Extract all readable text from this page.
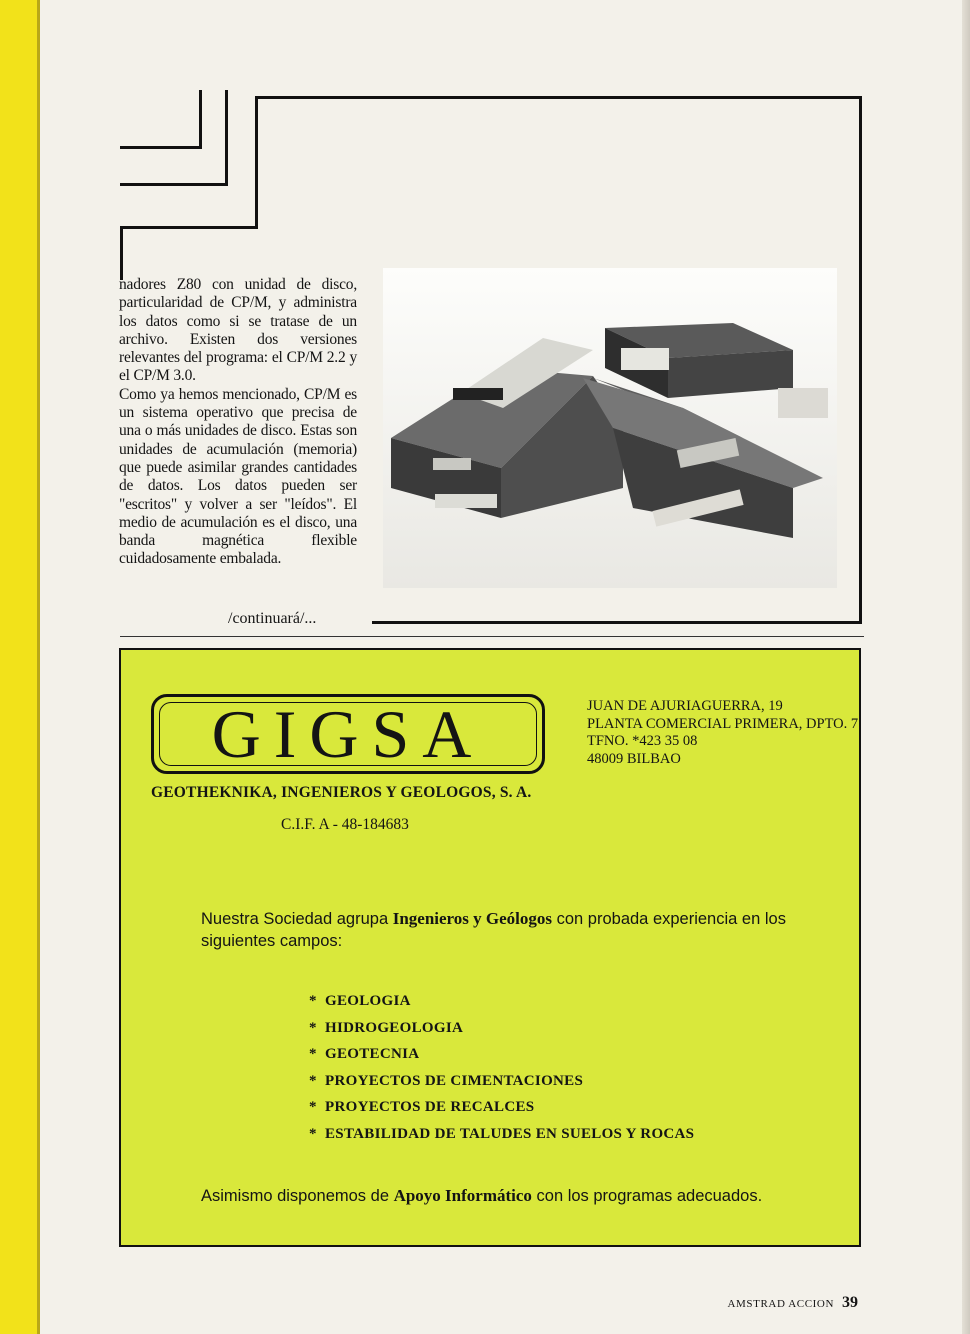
nadores Z80 con unidad de disco, particularidad de CP/M, y administra los datos como si se tratase de un archivo. Existen dos versiones relevantes del programa: el CP/M 2.2 y el CP/M 3.0.

Como ya hemos mencionado, CP/M es un sistema operativo que precisa de una o más unidades de disco. Estas son unidades de acumulación (memoria) que puede asimilar grandes cantidades de datos. Los datos pueden ser "escritos" y volver a ser "leídos". El medio de acumulación es el disco, una banda magnética flexible cuidadosamente embalada.

/continuará/...
GIGSA	JUAN DE AJURIAGUERRA, 19
PLANTA COMERCIAL PRIMERA, DPTO. 7
TFNO. *423 35 08
48009 BILBAO
GEOTHEKNIKA, INGENIEROS Y GEOLOGOS, S. A.
C.I.F. A - 48-184683
Nuestra Sociedad agrupa Ingenieros y Geólogos con probada experiencia en los siguientes campos:
* GEOLOGIA
* HIDROGEOLOGIA
* GEOTECNIA
* PROYECTOS DE CIMENTACIONES
* PROYECTOS DE RECALCES
* ESTABILIDAD DE TALUDES EN SUELOS Y ROCAS
Asimismo disponemos de Apoyo Informático con los programas adecuados.
AMSTRAD ACCION 39
